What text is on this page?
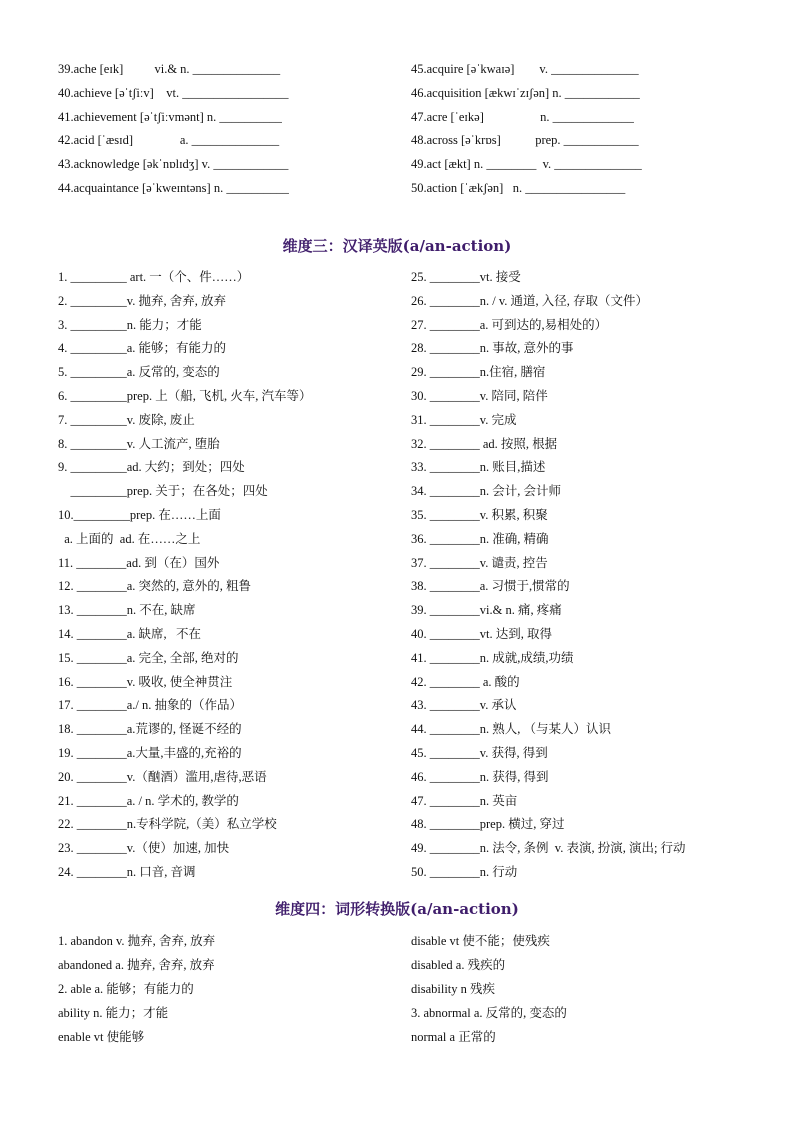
39.ache [eɪk]          vi.& n. ______________
40.achieve [əˈtʃiːv]    vt. _________________
41.achievement [əˈtʃiːvmənt] n. __________
42.acid [ˈæsɪd]               a. ______________
43.acknowledge [əkˈnɒlɪdʒ] v. ____________
44.acquaintance [əˈkweɪntəns] n. __________
45.acquire [əˈkwaɪə]        v. ______________
46.acquisition [ækwɪˈzɪʃən] n. ____________
47.acre [ˈeɪkə]                  n. _____________
48.across [əˈkrɒs]           prep. ____________
49.act [ækt] n. ________  v. ______________
50.action [ˈækʃən]   n. ________________
维度三：汉译英版(a/an-action)
1. _________ art. 一（个、件……）
2. _________v. 抛弃, 舍弃, 放弃
3. _________n. 能力；才能
4. _________a. 能够；有能力的
5. _________a. 反常的, 变态的
6. _________prep. 上（船, 飞机, 火车, 汽车等）
7. _________v. 废除, 废止
8. _________v. 人工流产, 堕胎
9. _________ad. 大约；到处；四处
_________prep. 关于；在各处；四处
10._________prep. 在……上面
a. 上面的  ad. 在……之上
11. ________ad. 到（在）国外
12. ________a. 突然的, 意外的, 粗鲁
13. ________n. 不在, 缺席
14. ________a. 缺席,   不在
15. ________a. 完全, 全部, 绝对的
16. ________v. 吸收, 使全神贯注
17. ________a./ n. 抽象的（作品）
18. ________a.荒谬的, 怪诞不经的
19. ________a.大量,丰盛的,充裕的
20. ________v.（酗酒）滥用,虐待,恶语
21. ________a. / n. 学术的, 教学的
22. ________n.专科学院,（美）私立学校
23. ________v.（使）加速, 加快
24. ________n. 口音, 音调
25. ________vt. 接受
26. ________n. / v. 通道, 入径, 存取（文件）
27. ________a. 可到达的,易相处的）
28. ________n. 事故, 意外的事
29. ________n.住宿, 膳宿
30. ________v. 陪同, 陪伴
31. ________v. 完成
32. ________ ad. 按照, 根据
33. ________n. 账目,描述
34. ________n. 会计, 会计师
35. ________v. 积累, 积聚
36. ________n. 准确, 精确
37. ________v. 谴责, 控告
38. ________a. 习惯于,惯常的
39. ________vi.& n. 痛, 疼痛
40. ________vt. 达到, 取得
41. ________n. 成就,成绩,功绩
42. ________ a. 酸的
43. ________v. 承认
44. ________n. 熟人, （与某人）认识
45. ________v. 获得, 得到
46. ________n. 获得, 得到
47. ________n. 英亩
48. ________prep. 横过, 穿过
49. ________n. 法令, 条例  v. 表演, 扮演, 演出; 行动
50. ________n. 行动
维度四：词形转换版(a/an-action)
1. abandon v. 抛弃, 舍弃, 放弃
abandoned a. 抛弃, 舍弃, 放弃
2. able a. 能够；有能力的
ability n. 能力；才能
enable vt 使能够
disable vt 使不能；使残疾
disabled a. 残疾的
disability n 残疾
3. abnormal a. 反常的, 变态的
normal a 正常的
